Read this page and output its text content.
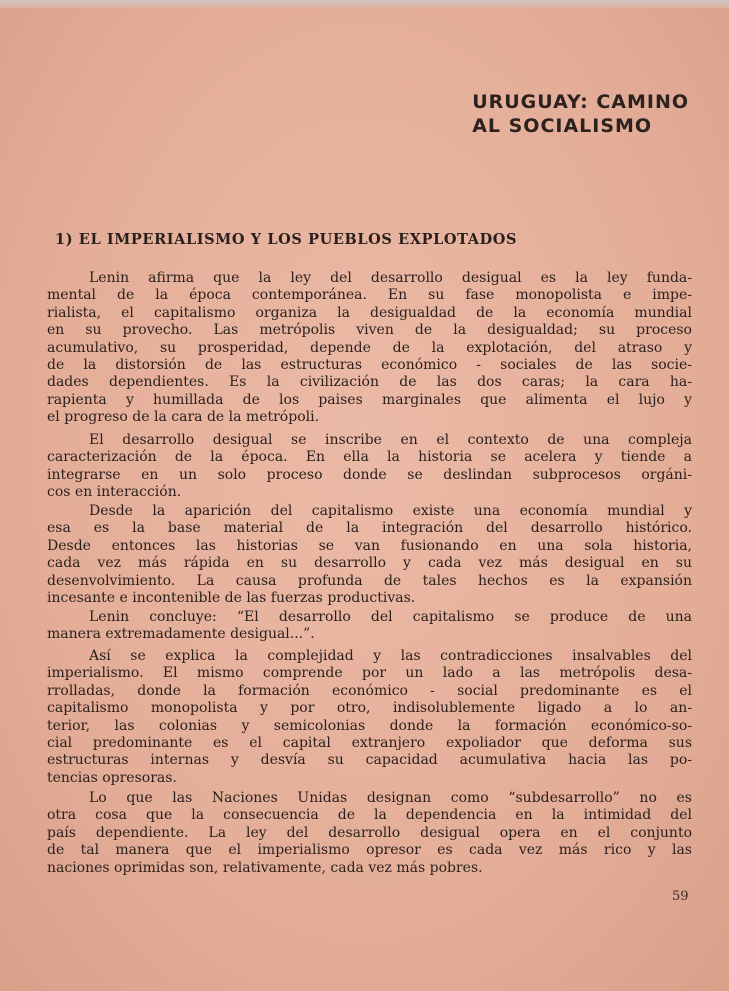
URUGUAY: CAMINO
AL SOCIALISMO
1) EL IMPERIALISMO Y LOS PUEBLOS EXPLOTADOS
Lenin afirma que la ley del desarrollo desigual es la ley funda-
mental de la época contemporánea. En su fase monopolista e impe-
rialista, el capitalismo organiza la desigualdad de la economía mundial
en su provecho. Las metrópolis viven de la desigualdad; su proceso
acumulativo, su prosperidad, depende de la explotación, del atraso y
de la distorsión de las estructuras económico - sociales de las socie-
dades dependientes. Es la civilización de las dos caras; la cara ha-
rapienta y humillada de los paises marginales que alimenta el lujo y
el progreso de la cara de la metrópoli.
El desarrollo desigual se inscribe en el contexto de una compleja
caracterización de la época. En ella la historia se acelera y tiende a
integrarse en un solo proceso donde se deslindan subprocesos orgáni-
cos en interacción.
Desde la aparición del capitalismo existe una economía mundial y
esa es la base material de la integración del desarrollo histórico.
Desde entonces las historias se van fusionando en una sola historia,
cada vez más rápida en su desarrollo y cada vez más desigual en su
desenvolvimiento. La causa profunda de tales hechos es la expansión
incesante e incontenible de las fuerzas productivas.
Lenin concluye: “El desarrollo del capitalismo se produce de una
manera extremadamente desigual...”.
Así se explica la complejidad y las contradicciones insalvables del
imperialismo. El mismo comprende por un lado a las metrópolis desa-
rrolladas, donde la formación económico - social predominante es el
capitalismo monopolista y por otro, indisolublemente ligado a lo an-
terior, las colonias y semicolonias donde la formación económico-so-
cial predominante es el capital extranjero expoliador que deforma sus
estructuras internas y desvía su capacidad acumulativa hacia las po-
tencias opresoras.
Lo que las Naciones Unidas designan como “subdesarrollo” no es
otra cosa que la consecuencia de la dependencia en la intimidad del
país dependiente. La ley del desarrollo desigual opera en el conjunto
de tal manera que el imperialismo opresor es cada vez más rico y las
naciones oprimidas son, relativamente, cada vez más pobres.
59
